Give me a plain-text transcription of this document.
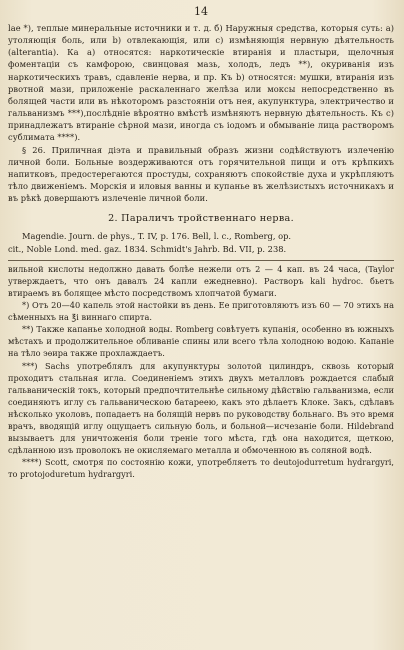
14

lae *), теплые минеральные источники и т. д. б) Наружныя средства, которыя суть: а) утоляющія боль, или b) отвлекающія, или с) измѣняющія нервную дѣятельность (alterantia). Ка а) относятся: наркотическіе втиранія и пластыри, щелочныя фоментаціи съ камфорою, свинцовая мазь, холодъ, ледъ **), окуриванія изъ наркотическихъ травъ, сдавленіе нерва, и пр. Къ b) относятся: мушки, втиранія изъ рвотной мази, приложеніе раскаленнаго желѣза или моксы непосредственно въ болящей части или въ нѣкоторомъ разстояніи отъ нея, акупунктура, электричество и гальванизмъ ***),послѣдніе вѣроятно вмѣстѣ измѣняютъ нервную дѣятельность. Къ с) принадлежатъ втираніе сѣрной мази, иногда съ іодомъ и обмываніе лица растворомъ сублимата ****).

§ 26. Приличная діэта и правильный образъ жизни содѣйствуютъ излеченію личной боли. Больные воздерживаются отъ горячительной пищи и отъ крѣпкихъ напитковъ, предостерегаются простуды, сохраняютъ спокойствіе духа и укрѣпляютъ тѣло движеніемъ. Морскія и иловыя ванны и купанье въ желѣзистыхъ источникахъ и въ рѣкѣ довершаютъ излеченіе личной боли.

2. Параличъ тройственнаго нерва.

Magendie. Journ. de phys., T. IV, p. 176. Bell, l. c., Romberg, op.

cit., Noble Lond. med. gaz. 1834. Schmidt's Jahrb. Bd. VII, p. 238.

вильной кислоты недолжно давать болѣе нежели отъ 2 — 4 кап. въ 24 часа, (Taylor утверждаетъ, что онъ давалъ 24 капли ежедневно). Растворъ kali hydroc. бьетъ втираемъ въ болящее мѣсто посредствомъ хлопчатой бумаги.

*) Отъ 20—40 капель этой настойки въ день. Ее приготовляютъ изъ 60 — 70 этихъ на сѣменныхъ на ℥i виннаго спирта.

**) Также капанье холодной воды. Romberg совѣтуетъ купанія, особенно въ южныхъ мѣстахъ и продолжительное обливаніе спины или всего тѣла холодною водою. Капаніе на тѣло эѳира также прохлаждаетъ.

***) Sachs употреблялъ для акупунктуры золотой цилиндръ, сквозь который проходитъ стальная игла. Соединеніемъ этихъ двухъ металловъ рождается слабый гальваническій токъ, который предпочтительнѣе сильному дѣйствію гальванизма, если соединяютъ иглу съ гальваническою батареею, какъ это дѣлаетъ Клоке. Закъ, сдѣлавъ нѣсколько уколовъ, попадаетъ на болящій нервъ по руководству больнаго. Въ это время врачъ, вводящій иглу ощущаетъ сильную боль, и больной—исчезаніе боли. Hildebrand вызываетъ для уничтоженія боли треніе того мѣста, гдѣ она находится, щеткою, сдѣланною изъ проволокъ не окисляемаго металла и обмоченною въ соляной водѣ.

****) Scott, смотря по состоянію кожи, употребляетъ то deutojodurretum hydrargyri, то protojoduretum hydrargyri.
